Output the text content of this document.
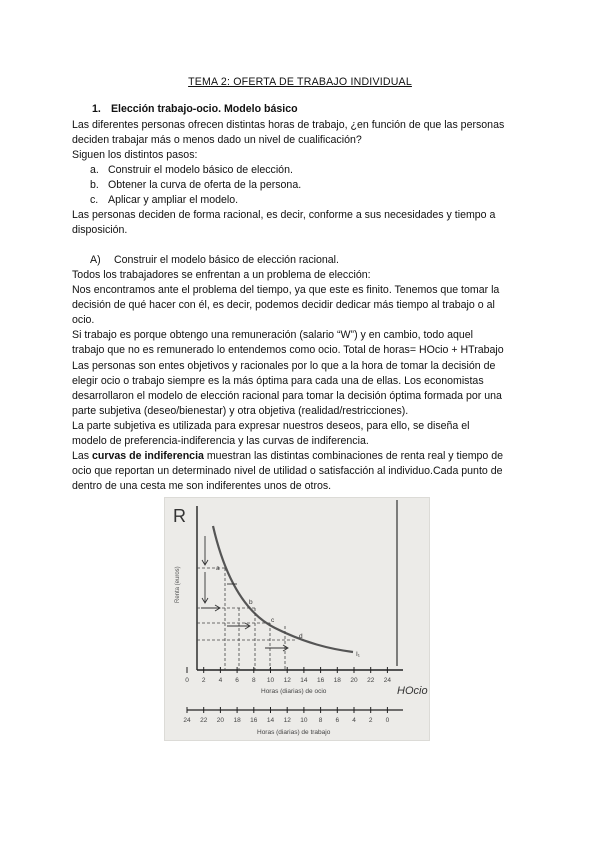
TEMA 2: OFERTA DE TRABAJO INDIVIDUAL
1. Elección trabajo-ocio. Modelo básico
Las diferentes personas ofrecen distintas horas de trabajo, ¿en función de que las personas
deciden trabajar más o menos dado un nivel de cualificación?
Siguen los distintos pasos:
a. Construir el modelo básico de elección.
b. Obtener la curva de oferta de la persona.
c. Aplicar y ampliar el modelo.
Las personas deciden de forma racional, es decir, conforme a sus necesidades y tiempo a
disposición.
A) Construir el modelo básico de elección racional.
Todos los trabajadores se enfrentan a un problema de elección:
Nos encontramos ante el problema del tiempo, ya que este es finito. Tenemos que tomar la
decisión de qué hacer con él, es decir, podemos decidir dedicar más tiempo al trabajo o al
ocio.
Si trabajo es porque obtengo una remuneración (salario “W”) y en cambio, todo aquel
trabajo que no es remunerado lo entendemos como ocio. Total de horas= HOcio + HTrabajo
Las personas son entes objetivos y racionales por lo que a la hora de tomar la decisión de
elegir ocio o trabajo siempre es la más óptima para cada una de ellas. Los economistas
desarrollaron el modelo de elección racional para tomar la decisión óptima formada por una
parte subjetiva (deseo/bienestar) y otra objetiva (realidad/restricciones).
La parte subjetiva es utilizada para expresar nuestros deseos, para ello, se diseña el
modelo de preferencia-indiferencia y las curvas de indiferencia.
Las curvas de indiferencia muestran las distintas combinaciones de renta real y tiempo de
ocio que reportan un determinado nivel de utilidad o satisfacción al individuo.Cada punto de
dentro de una cesta me son indiferentes unos de otros.
R
Renta (euros)	a
b
c
d
I₁
0 2 4 6 8 10 12 14 16 18 20 22 24
Horas (diarias) de ocio	HOcio
24 22 20 18 16 14 12 10 8 6 4 2 0
Horas (diarias) de trabajo
